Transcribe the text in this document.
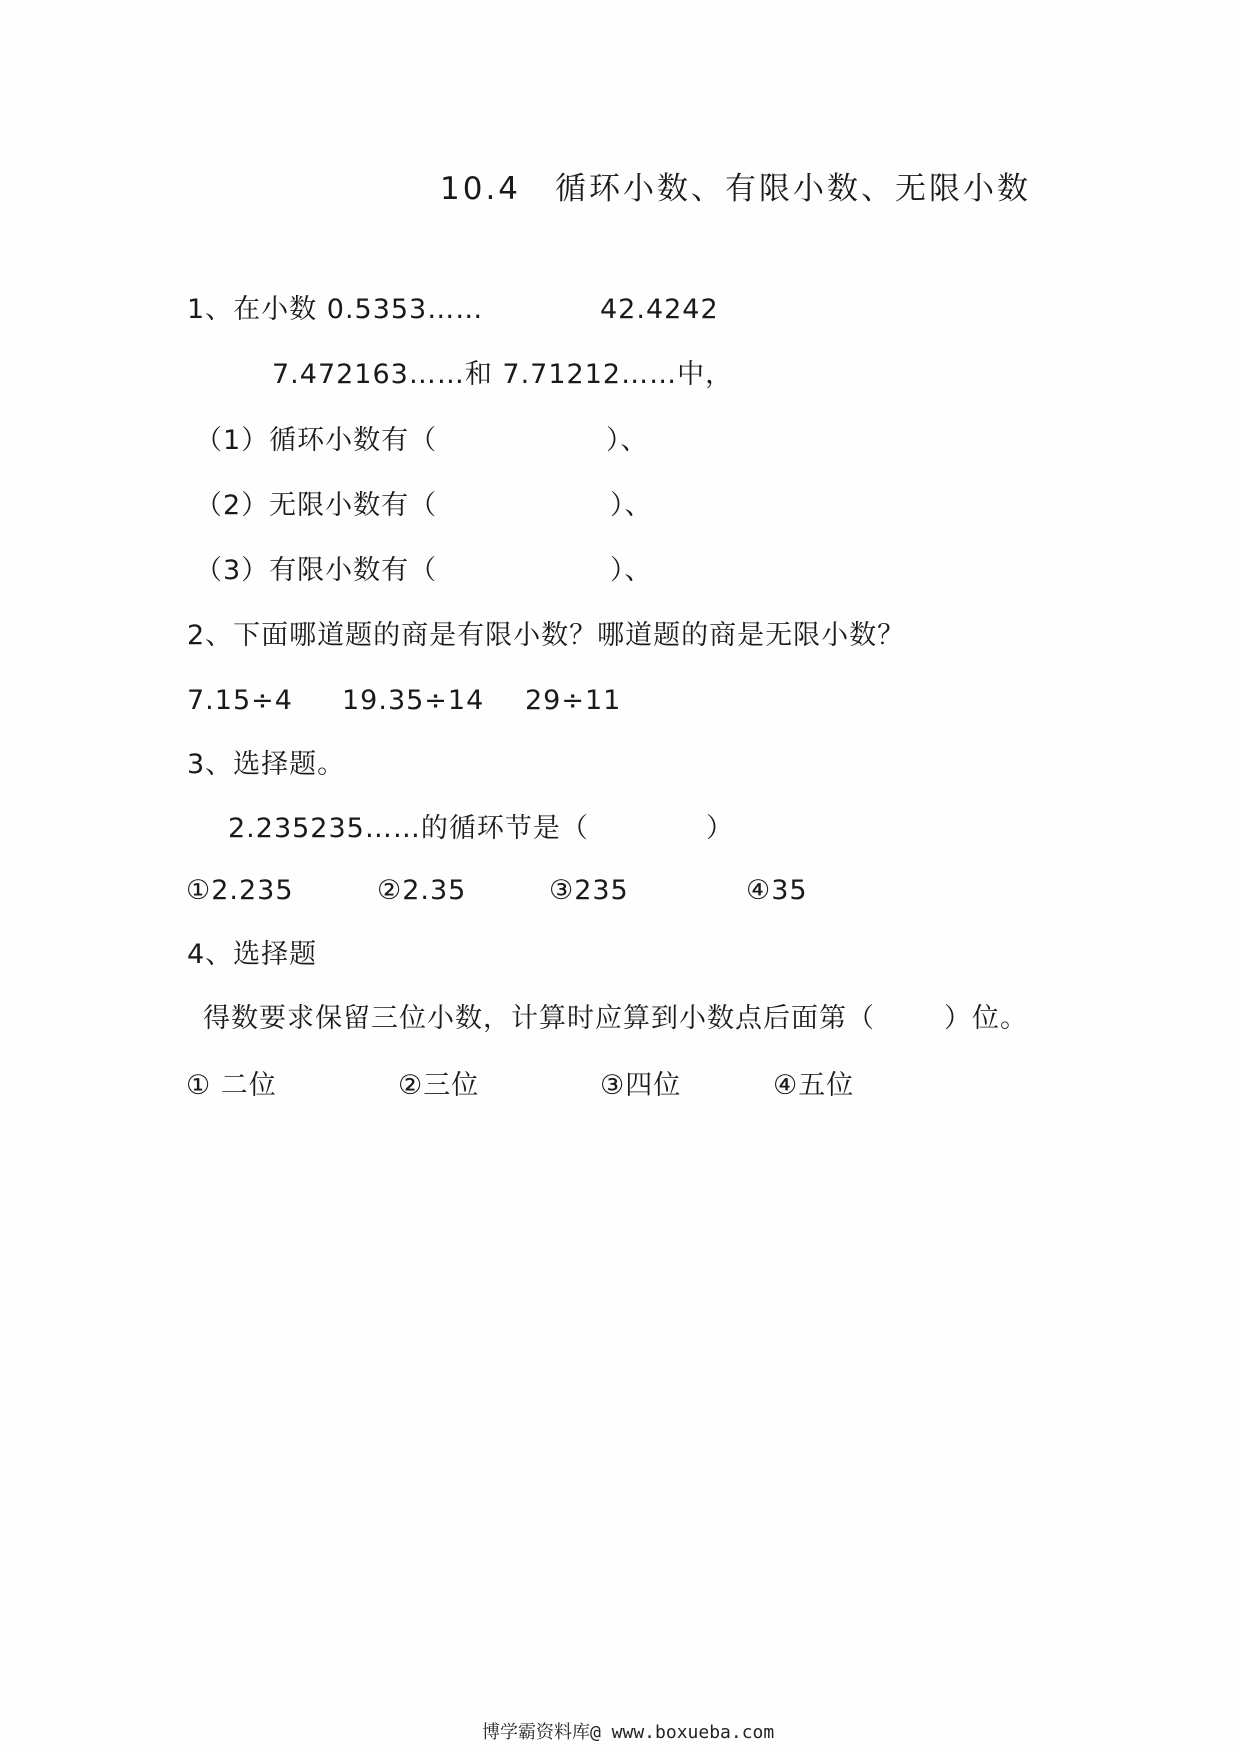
10.4 循环小数、有限小数、无限小数
1、在小数 0.5353……	42.4242
7.472163……和 7.71212……中，
（1）循环小数有（	）、
（2）无限小数有（	）、
（3）有限小数有（	）、
2、下面哪道题的商是有限小数？哪道题的商是无限小数？
7.15÷4 19.35÷14 29÷11
3、选择题。
2.235235……的循环节是（	）
①2.235	②2.35	③235	④35
4、选择题
得数要求保留三位小数，计算时应算到小数点后面第（	）位。
① 二位	②三位	③四位	④五位
博学霸资料库@ www.boxueba.com
